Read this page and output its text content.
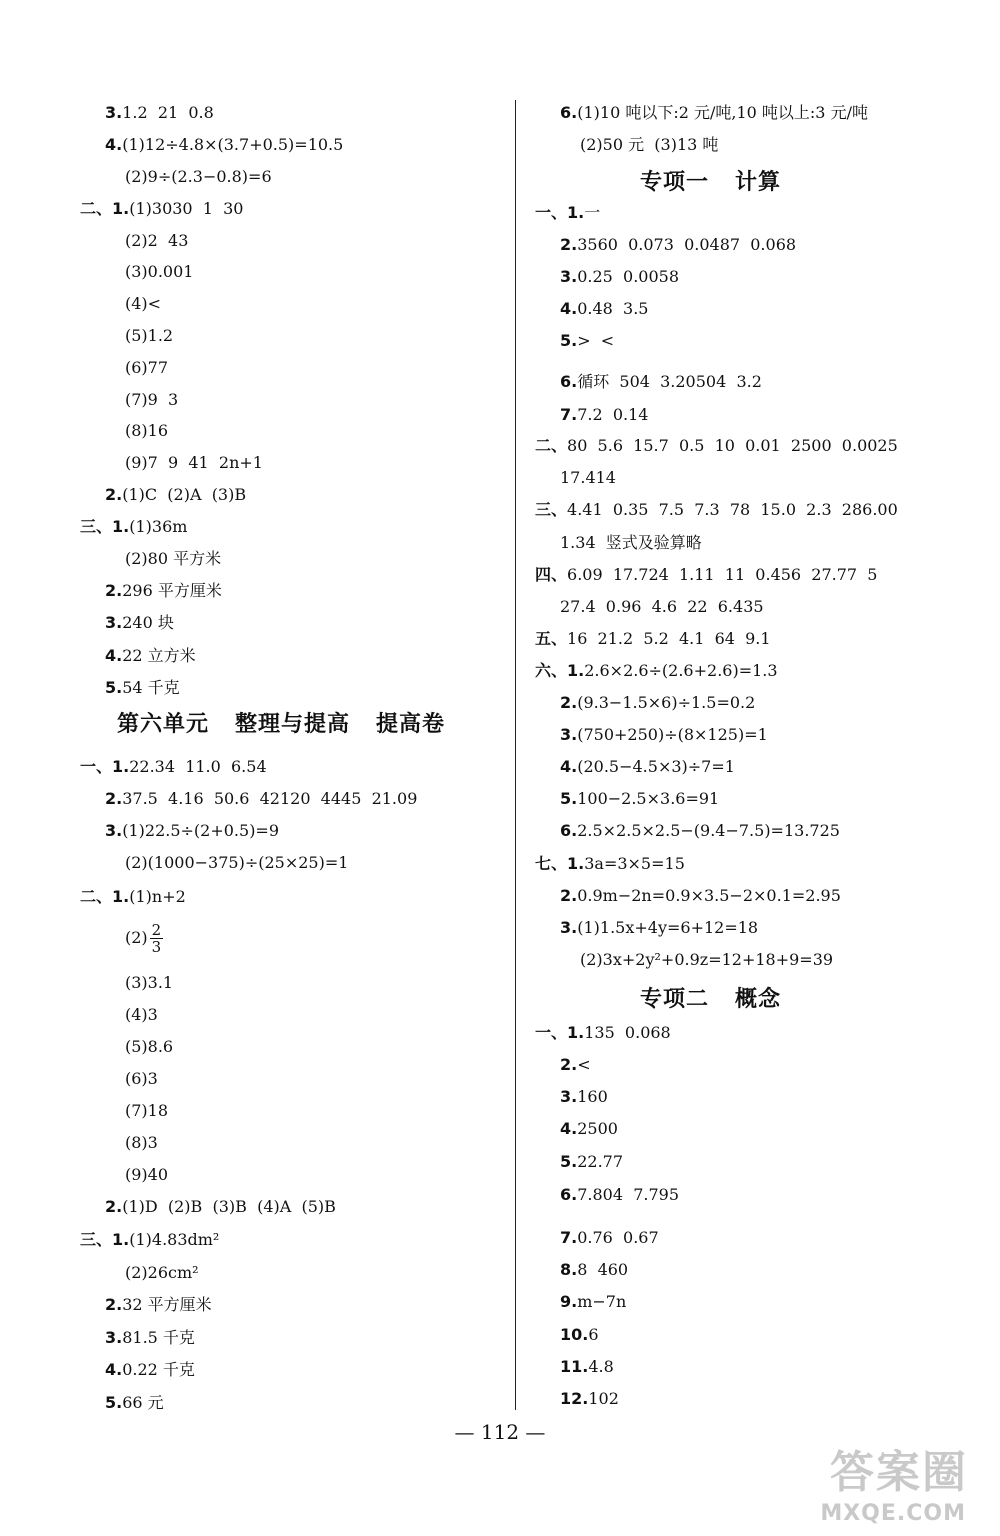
3.1.2  21  0.8
4.(1)12÷4.8×(3.7+0.5)=10.5
(2)9÷(2.3−0.8)=6
二、1.(1)3030  1  30
(2)2  43
(3)0.001
(4)<
(5)1.2
(6)77
(7)9  3
(8)16
(9)7  9  41  2n+1
2.(1)C  (2)A  (3)B
三、1.(1)36m
(2)80 平方米
2.296 平方厘米
3.240 块
4.22 立方米
5.54 千克
第六单元   整理与提高   提高卷
一、1.22.34  11.0  6.54
2.37.5  4.16  50.6  42120  4445  21.09
3.(1)22.5÷(2+0.5)=9
(2)(1000−375)÷(25×25)=1
二、1.(1)n+2
$(2) \frac{2}{3}$
(3)3.1
(4)3
(5)8.6
(6)3
(7)18
(8)3
(9)40
2.(1)D  (2)B  (3)B  (4)A  (5)B
三、1.(1)4.83dm²
(2)26cm²
2.32 平方厘米
3.81.5 千克
4.0.22 千克
5.66 元
6.(1)10 吨以下:2 元/吨,10 吨以上:3 元/吨
(2)50 元  (3)13 吨
专项一   计算
一、1.一
2.3560  0.073  0.0487  0.068
3.0.25  0.0058
4.0.48  3.5
5.>  <
6.循环  504  3.20504  3.2
7.7.2  0.14
二、80  5.6  15.7  0.5  10  0.01  2500  0.0025
17.414
三、4.41  0.35  7.5  7.3  78  15.0  2.3  286.00
1.34  竖式及验算略
四、6.09  17.724  1.11  11  0.456  27.77  5
27.4  0.96  4.6  22  6.435
五、16  21.2  5.2  4.1  64  9.1
六、1.2.6×2.6÷(2.6+2.6)=1.3
2.(9.3−1.5×6)÷1.5=0.2
3.(750+250)÷(8×125)=1
4.(20.5−4.5×3)÷7=1
5.100−2.5×3.6=91
6.2.5×2.5×2.5−(9.4−7.5)=13.725
七、1.3a=3×5=15
2.0.9m−2n=0.9×3.5−2×0.1=2.95
3.(1)1.5x+4y=6+12=18
(2)3x+2y²+0.9z=12+18+9=39
专项二   概念
一、1.135  0.068
2.<
3.160
4.2500
5.22.77
6.7.804  7.795
7.0.76  0.67
8.8  460
9.m−7n
10.6
11.4.8
12.102
— 112 —
答案圈
MXQE.COM
